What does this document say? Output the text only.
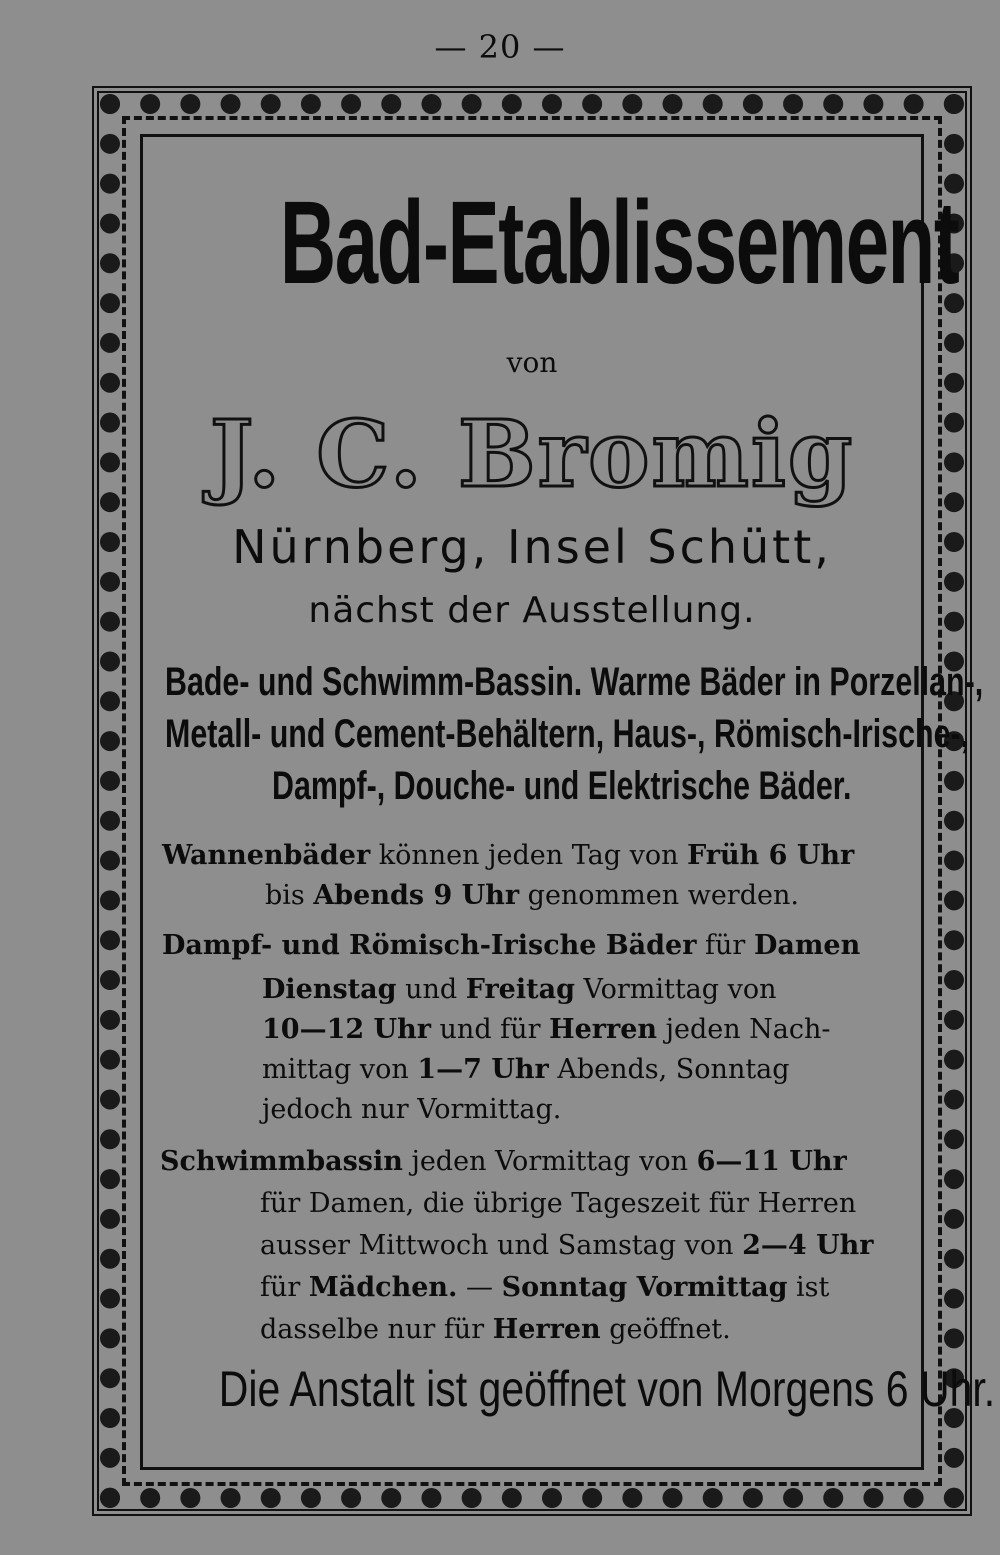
— 20 —
Bad-Etablissement
von
J. C. Bromig
Nürnberg, Insel Schütt,
nächst der Ausstellung.
Bade- und Schwimm-Bassin. Warme Bäder in Porzellan-,
Metall- und Cement-Behältern, Haus-, Römisch-Irische-,
Dampf-, Douche- und Elektrische Bäder.
Wannenbäder können jeden Tag von Früh 6 Uhr
bis Abends 9 Uhr genommen werden.
Dampf- und Römisch-Irische Bäder für Damen
Dienstag und Freitag Vormittag von
10—12 Uhr und für Herren jeden Nach-
mittag von 1—7 Uhr Abends, Sonntag
jedoch nur Vormittag.
Schwimmbassin jeden Vormittag von 6—11 Uhr
für Damen, die übrige Tageszeit für Herren
ausser Mittwoch und Samstag von 2—4 Uhr
für Mädchen. — Sonntag Vormittag ist
dasselbe nur für Herren geöffnet.
Die Anstalt ist geöffnet von Morgens 6 Uhr.
